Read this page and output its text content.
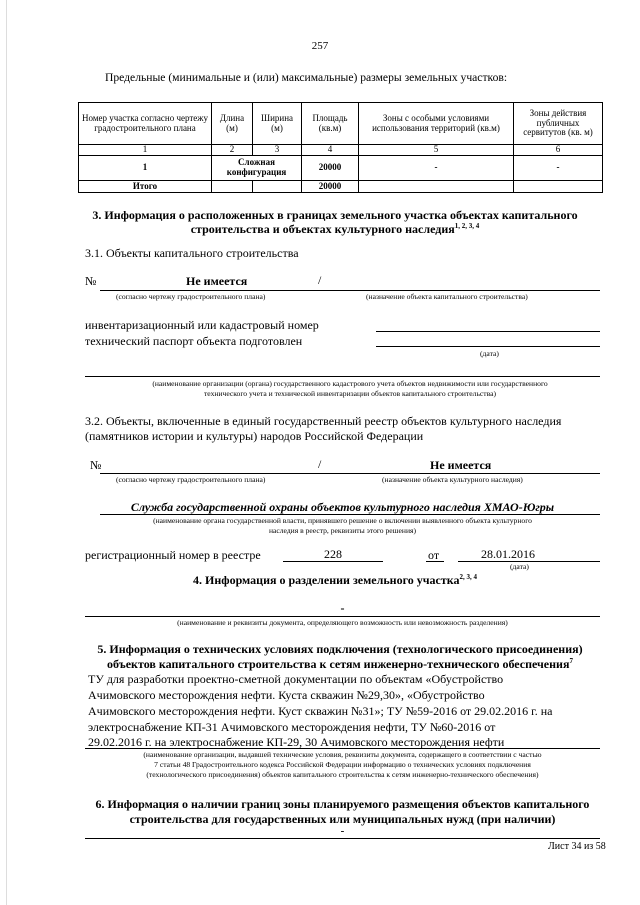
257
Предельные (минимальные и (или) максимальные) размеры земельных участков:
Номер участка согласно чертежу градостроительного плана	Длина (м)	Ширина (м)	Площадь (кв.м)	Зоны с особыми условиями использования территорий (кв.м)	Зоны действия публичных сервитутов (кв. м)
1	2	3	4	5	6
1	Сложная конфигурация		20000	-	-
Итого			20000		
3. Информация о расположенных в границах земельного участка объектах капитального
строительства и объектах культурного наследия$^{1, 2, 3, 4}$
3.1. Объекты капитального строительства
№	Не имеется	/
(согласно чертежу градостроительного плана)	(назначение объекта капитального строительства)
инвентаризационный или кадастровый номер
технический паспорт объекта подготовлен
(дата)
(наименование организации (органа) государственного кадастрового учета объектов недвижимости или государственного
технического учета и технической инвентаризации объектов капитального строительства)
3.2. Объекты, включенные в единый государственный реестр объектов культурного наследия
(памятников истории и культуры) народов Российской Федерации
№	/	Не имеется
(согласно чертежу градостроительного плана)	(назначение объекта культурного наследия)
Служба государственной охраны объектов культурного наследия ХМАО-Югры
(наименование органа государственной власти, принявшего решение о включении выявленного объекта культурного
наследия в реестр, реквизиты этого решения)
регистрационный номер в реестре	228	от	28.01.2016
(дата)
4. Информация о разделении земельного участка$^{2, 3, 4}$
-
(наименование и реквизиты документа, определяющего возможность или невозможность разделения)
5. Информация о технических условиях подключения (технологического присоединения)
объектов капитального строительства к сетям инженерно-технического обеспечения$^7$
ТУ для разработки проектно-сметной документации по объектам «Обустройство
Ачимовского месторождения нефти. Куста скважин №29,30», «Обустройство
Ачимовского месторождения нефти. Куст скважин №31»; ТУ №59-2016 от 29.02.2016 г. на
электроснабжение КП-31 Ачимовского месторождения нефти, ТУ №60-2016 от
29.02.2016 г. на электроснабжение КП-29, 30 Ачимовского месторождения нефти
(наименование организации, выдавшей технические условия, реквизиты документа, содержащего в соответствии с частью
7 статьи 48 Градостроительного кодекса Российской Федерации информацию о технических условиях подключения
(технологического присоединения) объектов капитального строительства к сетям инженерно-технического обеспечения)
6. Информация о наличии границ зоны планируемого размещения объектов капитального
строительства для государственных или муниципальных нужд (при наличии)
-
Лист 34 из 58
